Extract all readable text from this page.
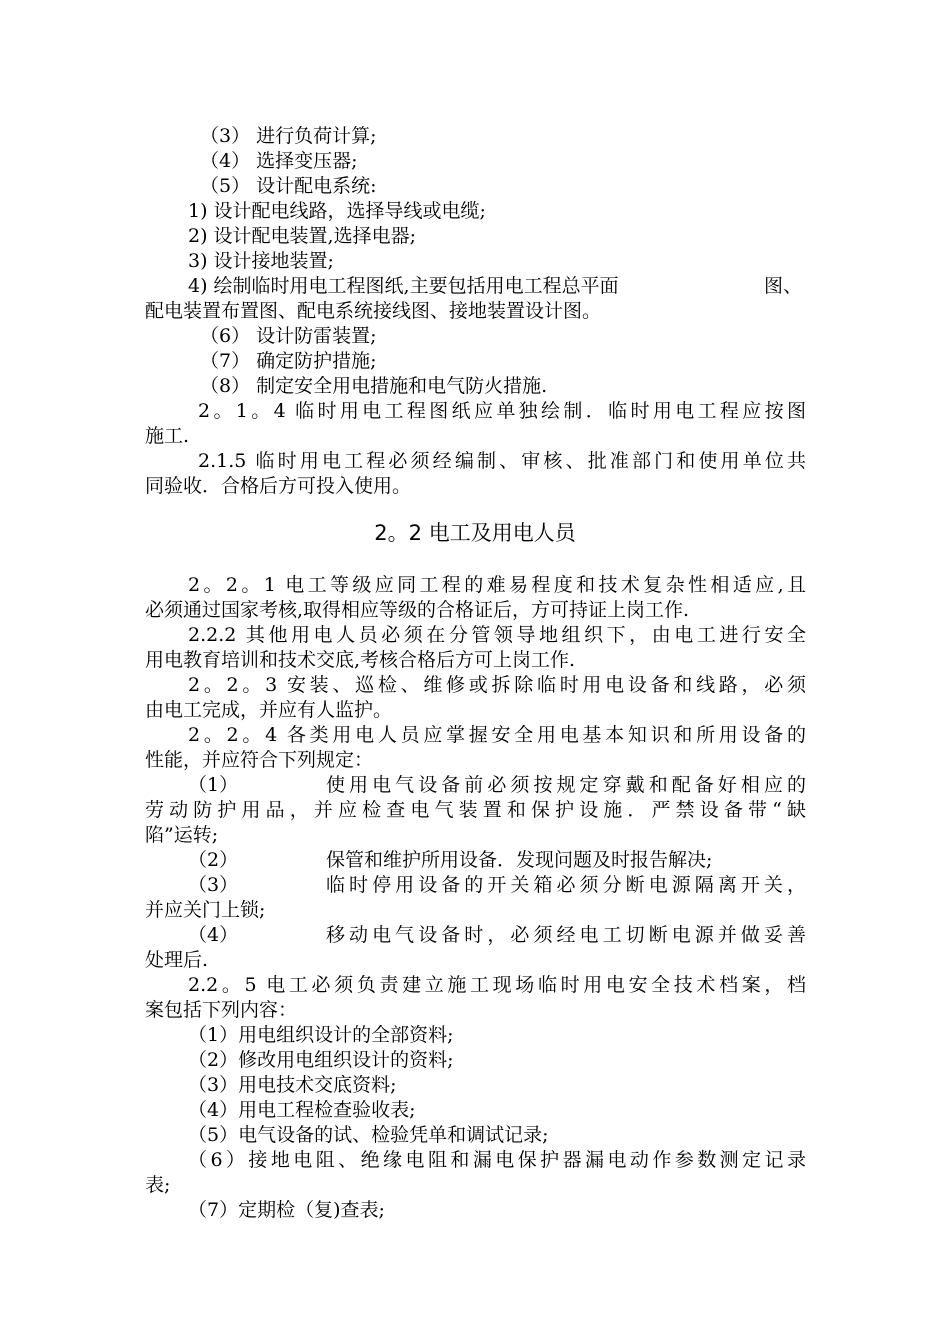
（3） 进行负荷计算;
（4） 选择变压器;
（5） 设计配电系统:
1) 设计配电线路，选择导线或电缆;
2) 设计配电装置,选择电器;
3) 设计接地装置;
4) 绘制临时用电工程图纸,主要包括用电工程总平面	图、
配电装置布置图、配电系统接线图、接地装置设计图。
（6） 设计防雷装置;
（7） 确定防护措施;
（8） 制定安全用电措施和电气防火措施.
2。1。4 临时用电工程图纸应单独绘制．临时用电工程应按图
施工.
2.1.5 临时用电工程必须经编制、审核、批准部门和使用单位共
同验收．合格后方可投入使用。
2。2 电工及用电人员
2。2。1 电工等级应同工程的难易程度和技术复杂性相适应,且
必须通过国家考核,取得相应等级的合格证后，方可持证上岗工作.
2.2.2 其他用电人员必须在分管领导地组织下，由电工进行安全
用电教育培训和技术交底,考核合格后方可上岗工作.
2。2。3 安装、巡检、维修或拆除临时用电设备和线路，必须
由电工完成，并应有人监护。
2。2。4 各类用电人员应掌握安全用电基本知识和所用设备的
性能，并应符合下列规定：
（1）	使用电气设备前必须按规定穿戴和配备好相应的
劳动防护用品，并应检查电气装置和保护设施．严禁设备带“缺
陷”运转;
（2）	保管和维护所用设备．发现问题及时报告解决;
（3）	临时停用设备的开关箱必须分断电源隔离开关，
并应关门上锁;
（4）	移动电气设备时，必须经电工切断电源并做妥善
处理后.
2.2。5 电工必须负责建立施工现场临时用电安全技术档案，档
案包括下列内容：
（1）用电组织设计的全部资料;
（2）修改用电组织设计的资料;
（3）用电技术交底资料;
（4）用电工程检查验收表;
（5）电气设备的试、检验凭单和调试记录;
（6）接地电阻、绝缘电阻和漏电保护器漏电动作参数测定记录
表;
（7）定期检（复)查表;
